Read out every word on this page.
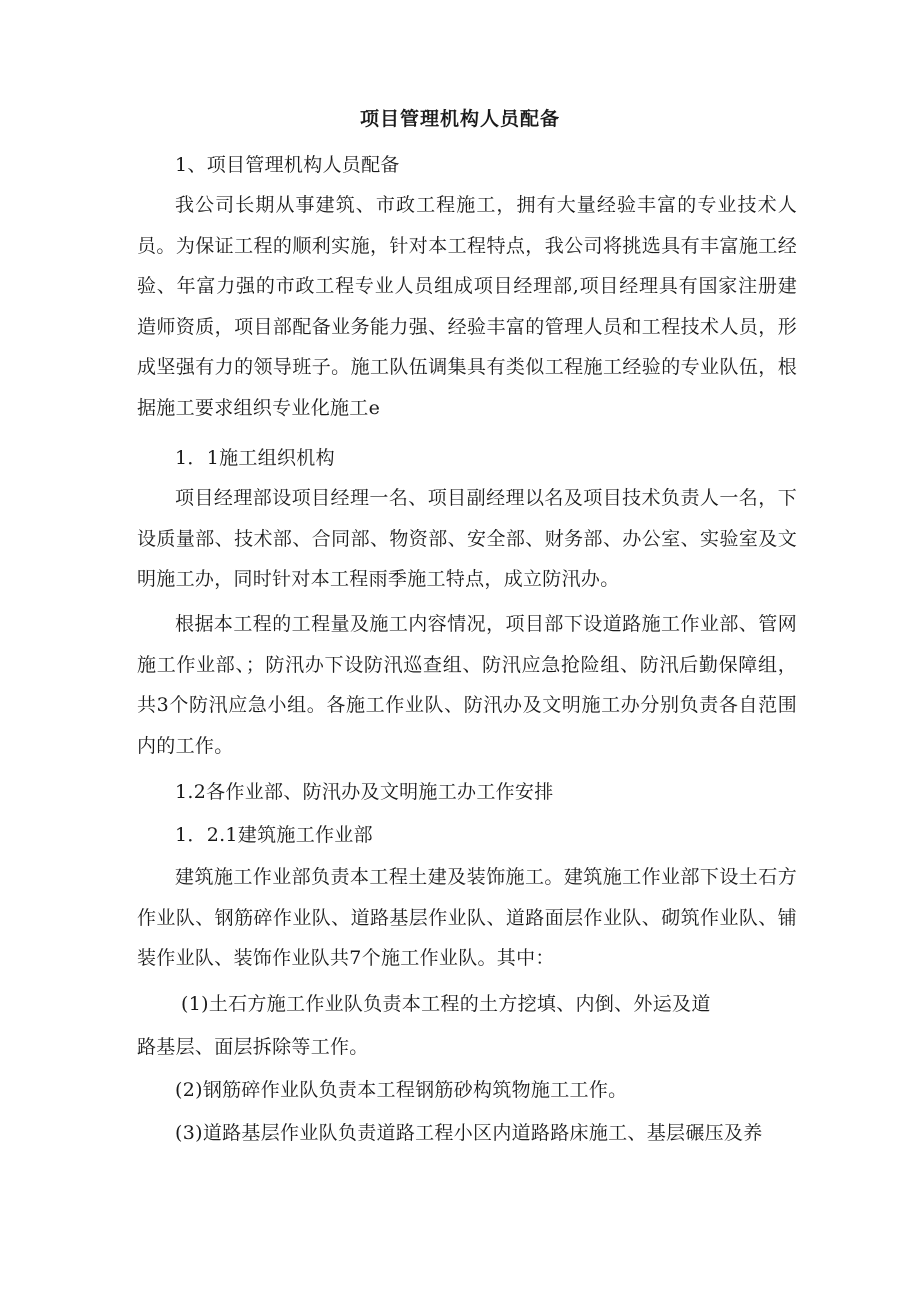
项目管理机构人员配备

1、项目管理机构人员配备

我公司长期从事建筑、市政工程施工，拥有大量经验丰富的专业技术人员。为保证工程的顺利实施，针对本工程特点，我公司将挑选具有丰富施工经验、年富力强的市政工程专业人员组成项目经理部,项目经理具有国家注册建造师资质，项目部配备业务能力强、经验丰富的管理人员和工程技术人员，形成坚强有力的领导班子。施工队伍调集具有类似工程施工经验的专业队伍，根据施工要求组织专业化施工e

1．1施工组织机构

项目经理部设项目经理一名、项目副经理以名及项目技术负责人一名，下设质量部、技术部、合同部、物资部、安全部、财务部、办公室、实验室及文明施工办，同时针对本工程雨季施工特点，成立防汛办。

根据本工程的工程量及施工内容情况，项目部下设道路施工作业部、管网施工作业部、；防汛办下设防汛巡查组、防汛应急抢险组、防汛后勤保障组，共3个防汛应急小组。各施工作业队、防汛办及文明施工办分别负责各自范围内的工作。

1.2各作业部、防汛办及文明施工办工作安排

1．2.1建筑施工作业部

建筑施工作业部负责本工程土建及装饰施工。建筑施工作业部下设土石方作业队、钢筋碎作业队、道路基层作业队、道路面层作业队、砌筑作业队、铺装作业队、装饰作业队共7个施工作业队。其中：

(1)土石方施工作业队负责本工程的土方挖填、内倒、外运及道

路基层、面层拆除等工作。

(2)钢筋碎作业队负责本工程钢筋砂构筑物施工工作。

(3)道路基层作业队负责道路工程小区内道路路床施工、基层碾压及养
